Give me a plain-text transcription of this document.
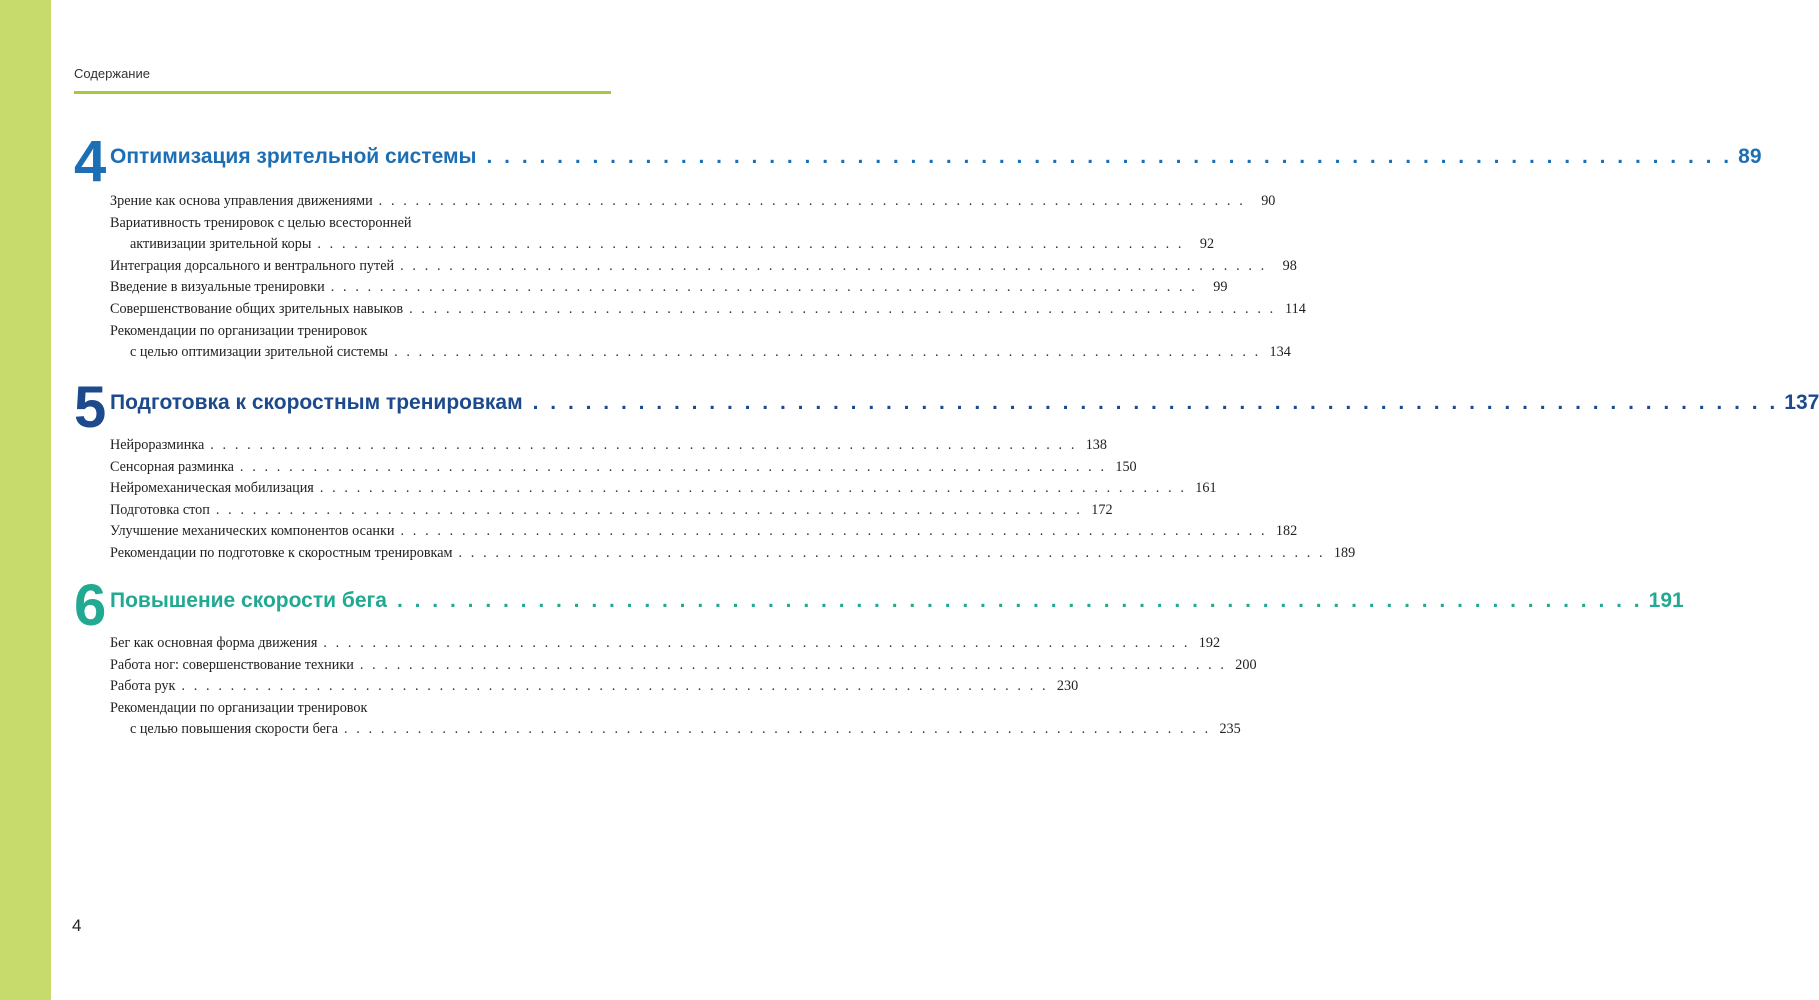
Содержание
4 Оптимизация зрительной системы . . . . . . . . . . . . . . . . . . . . . . . . . . . . . . . . . . . . . . . . . . . . . . . . . . . . . . . . . . . . . . . . . . . . . . . 89
Зрение как основа управления движениями . . . . . . . . . . . . . . . . . . . . . . . . . . . . . . . . . . . . . . . . . . . . . . . . . . . . . . . . . . . . . . . . . . . . . . .	90
Вариативность тренировок с целью всесторонней
активизации зрительной коры . . . . . . . . . . . . . . . . . . . . . . . . . . . . . . . . . . . . . . . . . . . . . . . . . . . . . . . . . . . . . . . . . . . . . . .	92
Интеграция дорсального и вентрального путей . . . . . . . . . . . . . . . . . . . . . . . . . . . . . . . . . . . . . . . . . . . . . . . . . . . . . . . . . . . . . . . . . . . . . . .	98
Введение в визуальные тренировки . . . . . . . . . . . . . . . . . . . . . . . . . . . . . . . . . . . . . . . . . . . . . . . . . . . . . . . . . . . . . . . . . . . . . . .	99
Совершенствование общих зрительных навыков . . . . . . . . . . . . . . . . . . . . . . . . . . . . . . . . . . . . . . . . . . . . . . . . . . . . . . . . . . . . . . . . . . . . . . . 114
Рекомендации по организации тренировок
с целью оптимизации зрительной системы . . . . . . . . . . . . . . . . . . . . . . . . . . . . . . . . . . . . . . . . . . . . . . . . . . . . . . . . . . . . . . . . . . . . . . . 134
5 Подготовка к скоростным тренировкам . . . . . . . . . . . . . . . . . . . . . . . . . . . . . . . . . . . . . . . . . . . . . . . . . . . . . . . . . . . . . . . . . . . . . . . 137
Нейроразминка . . . . . . . . . . . . . . . . . . . . . . . . . . . . . . . . . . . . . . . . . . . . . . . . . . . . . . . . . . . . . . . . . . . . . . . 138
Сенсорная разминка . . . . . . . . . . . . . . . . . . . . . . . . . . . . . . . . . . . . . . . . . . . . . . . . . . . . . . . . . . . . . . . . . . . . . . . 150
Нейромеханическая мобилизация . . . . . . . . . . . . . . . . . . . . . . . . . . . . . . . . . . . . . . . . . . . . . . . . . . . . . . . . . . . . . . . . . . . . . . . 161
Подготовка стоп . . . . . . . . . . . . . . . . . . . . . . . . . . . . . . . . . . . . . . . . . . . . . . . . . . . . . . . . . . . . . . . . . . . . . . . 172
Улучшение механических компонентов осанки . . . . . . . . . . . . . . . . . . . . . . . . . . . . . . . . . . . . . . . . . . . . . . . . . . . . . . . . . . . . . . . . . . . . . . . 182
Рекомендации по подготовке к скоростным тренировкам . . . . . . . . . . . . . . . . . . . . . . . . . . . . . . . . . . . . . . . . . . . . . . . . . . . . . . . . . . . . . . . . . . . . . . . 189
6 Повышение скорости бега . . . . . . . . . . . . . . . . . . . . . . . . . . . . . . . . . . . . . . . . . . . . . . . . . . . . . . . . . . . . . . . . . . . . . . . 191
Бег как основная форма движения . . . . . . . . . . . . . . . . . . . . . . . . . . . . . . . . . . . . . . . . . . . . . . . . . . . . . . . . . . . . . . . . . . . . . . . 192
Работа ног: совершенствование техники . . . . . . . . . . . . . . . . . . . . . . . . . . . . . . . . . . . . . . . . . . . . . . . . . . . . . . . . . . . . . . . . . . . . . . . 200
Работа рук . . . . . . . . . . . . . . . . . . . . . . . . . . . . . . . . . . . . . . . . . . . . . . . . . . . . . . . . . . . . . . . . . . . . . . . 230
Рекомендации по организации тренировок
с целью повышения скорости бега . . . . . . . . . . . . . . . . . . . . . . . . . . . . . . . . . . . . . . . . . . . . . . . . . . . . . . . . . . . . . . . . . . . . . . . 235
4
